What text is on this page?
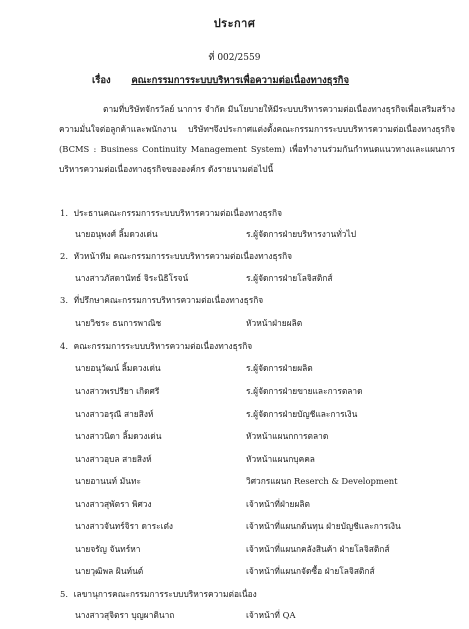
ประกาศ
ที่ 002/2559
เรื่อง คณะกรรมการระบบบริหารเพื่อความต่อเนื่องทางธุรกิจ
ตามที่บริษัทจักรวัลย์ นาการ จำกัด มีนโยบายให้มีระบบบริหารความต่อเนื่องทางธุรกิจเพื่อเสริมสร้างความมั่นใจต่อลูกค้าและพนักงาน บริษัทฯจึงประกาศแต่งตั้งคณะกรรมการระบบบริหารความต่อเนื่องทางธุรกิจ (BCMS : Business Continuity Management System) เพื่อทำงานร่วมกันกำหนดแนวทางและแผนการบริหารความต่อเนื่องทางธุรกิจขององค์กร ดังรายนามต่อไปนี้
1. ประธานคณะกรรมการระบบบริหารความต่อเนื่องทางธุรกิจ
นายอนุพงศ์ ลิ้มดวงเด่น	ร.ผู้จัดการฝ่ายบริหารงานทั่วไป
2. หัวหน้าทีม คณะกรรมการระบบบริหารความต่อเนื่องทางธุรกิจ
นางสาวภัสดานัทธ์ จิระนิธิโรจน์	ร.ผู้จัดการฝ่ายโลจิสติกส์
3. ที่ปรึกษาคณะกรรมการบริหารความต่อเนื่องทางธุรกิจ
นายวิชระ ธนการพาณิช	หัวหน้าฝ่ายผลิต
4. คณะกรรมการระบบบริหารความต่อเนื่องทางธุรกิจ
นายอนุวัฒน์ ลิ้มดวงเด่น	ร.ผู้จัดการฝ่ายผลิต
นางสาวพรปรียา เกิดศรี	ร.ผู้จัดการฝ่ายขายและการตลาด
นางสาวอรุณี สายสิงห์	ร.ผู้จัดการฝ่ายบัญชีและการเงิน
นางสาวนิดา ลิ้มดวงเด่น	หัวหน้าแผนกการตลาด
นางสาวอุบล สายสิงห์	หัวหน้าแผนกบุคคล
นายอานนท์ มันทะ	วิศวกรแผนก Reserch & Development
นางสาวสุพัตรา พิศวง	เจ้าหน้าที่ฝ่ายผลิต
นางสาวจันทร์จิรา ดาระเต๋ง	เจ้าหน้าที่แผนกต้นทุน ฝ่ายบัญชีและการเงิน
นายจรัญ จันทร์หา	เจ้าหน้าที่แผนกคลังสินค้า ฝ่ายโลจิสติกส์
นายวุฒิพล ผินท์นต์	เจ้าหน้าที่แผนกจัดซื้อ ฝ่ายโลจิสติกส์
5. เลขานุการคณะกรรมการระบบบริหารความต่อเนื่อง
นางสาวสุจิตรา บุญผาตินาถ	เจ้าหน้าที่ QA
